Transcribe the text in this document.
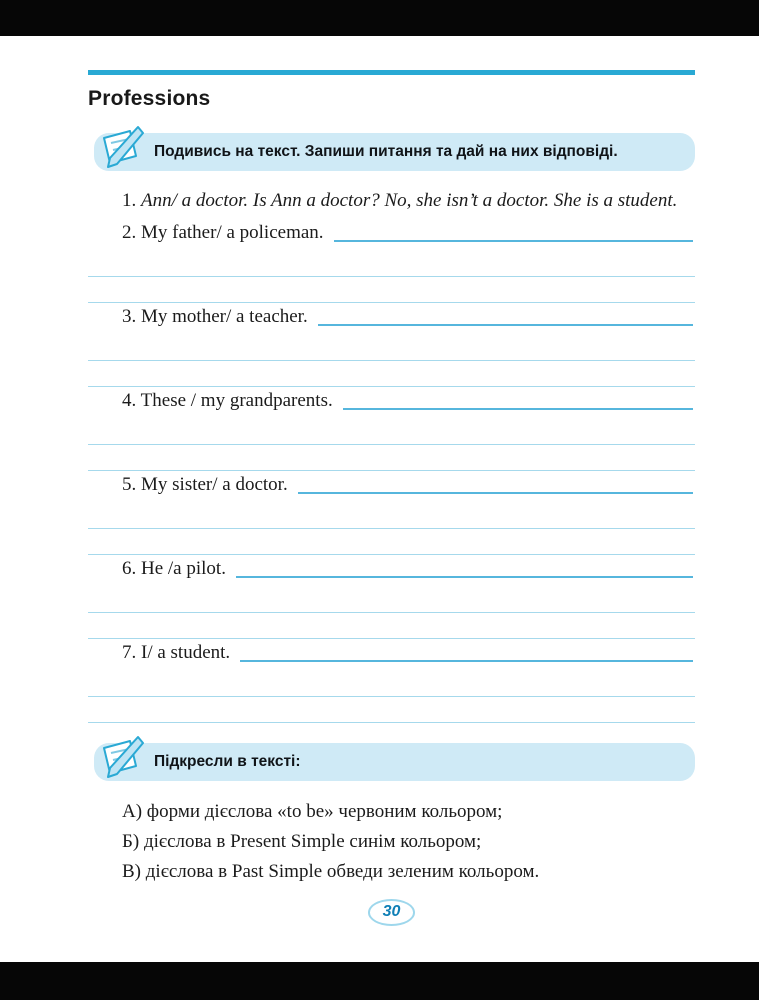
Professions
Подивись на текст. Запиши питання та дай на них відповіді.

1. Ann/ a doctor. Is Ann a doctor? No, she isn’t a doctor. She is a student.

2. My father/ a policeman.
3. My mother/ a teacher.
4. These / my grandparents.
5. My sister/ a doctor.
6. He /a pilot.
7. I/ a student.
Підкресли в тексті:

А) форми дієслова «to be» червоним кольором;

Б) дієслова в Present Simple синім кольором;

В) дієслова в Past Simple обведи зеленим кольором.

30
